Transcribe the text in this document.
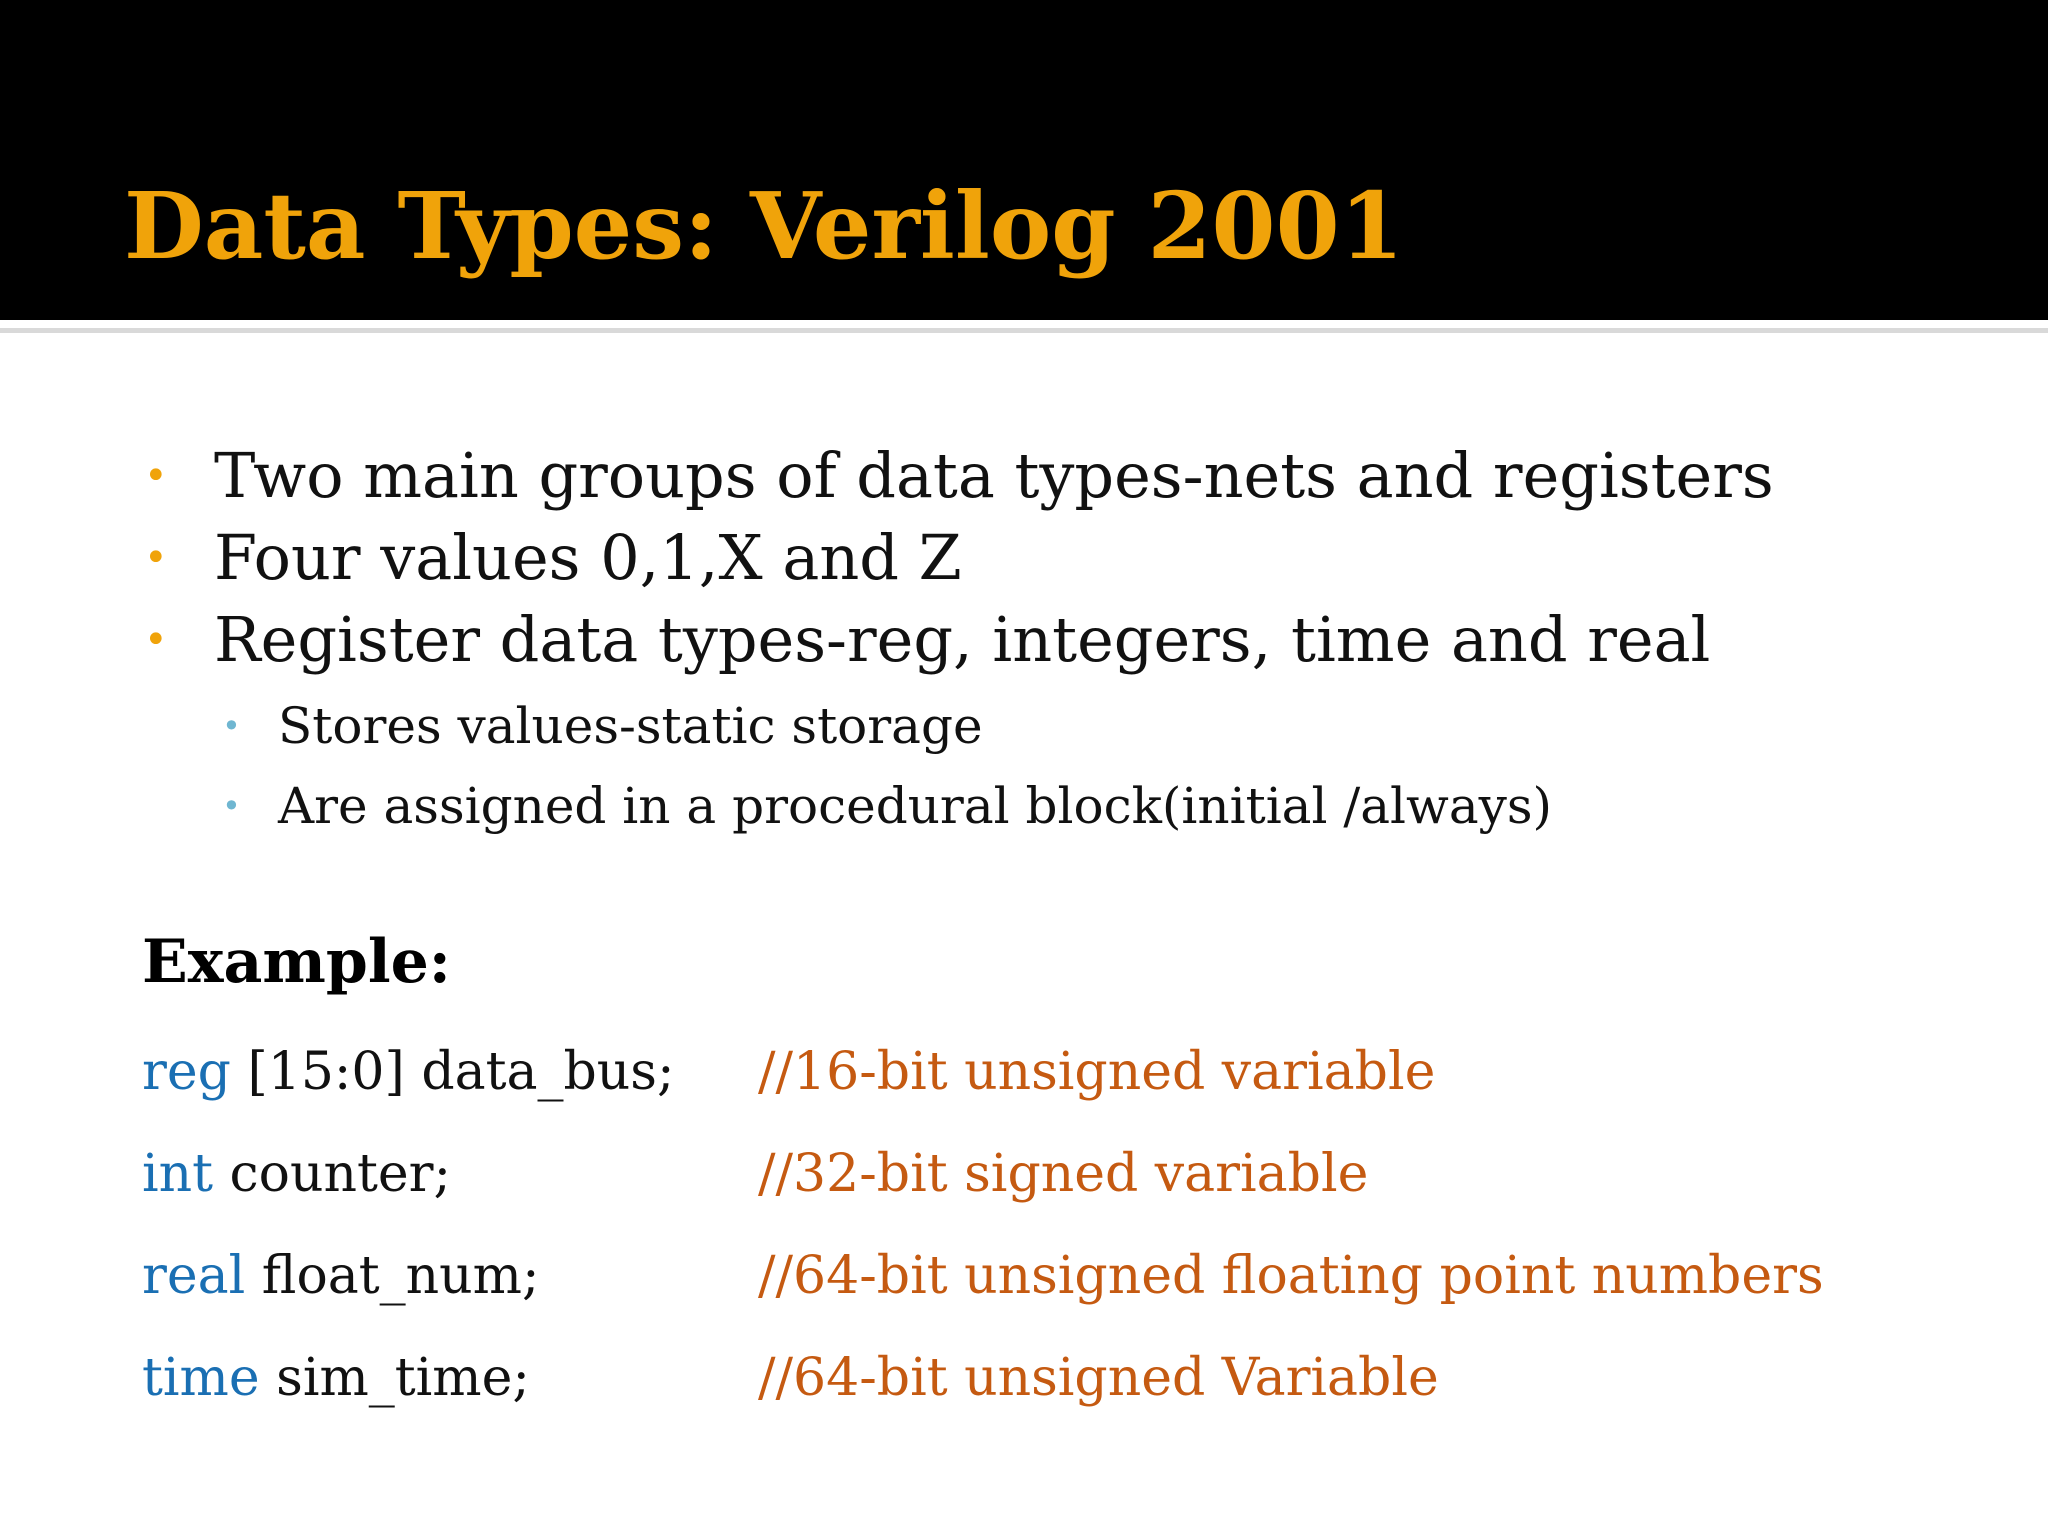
Data Types: Verilog 2001
• Two main groups of data types-nets and registers
• Four values 0,1,X and Z
• Register data types-reg, integers, time and real
• Stores values-static storage
• Are assigned in a procedural block(initial /always)
Example:
reg [15:0] data_bus; //16-bit unsigned variable
int counter;	//32-bit signed variable
real float_num;	//64-bit unsigned floating point numbers
time sim_time;	//64-bit unsigned Variable
